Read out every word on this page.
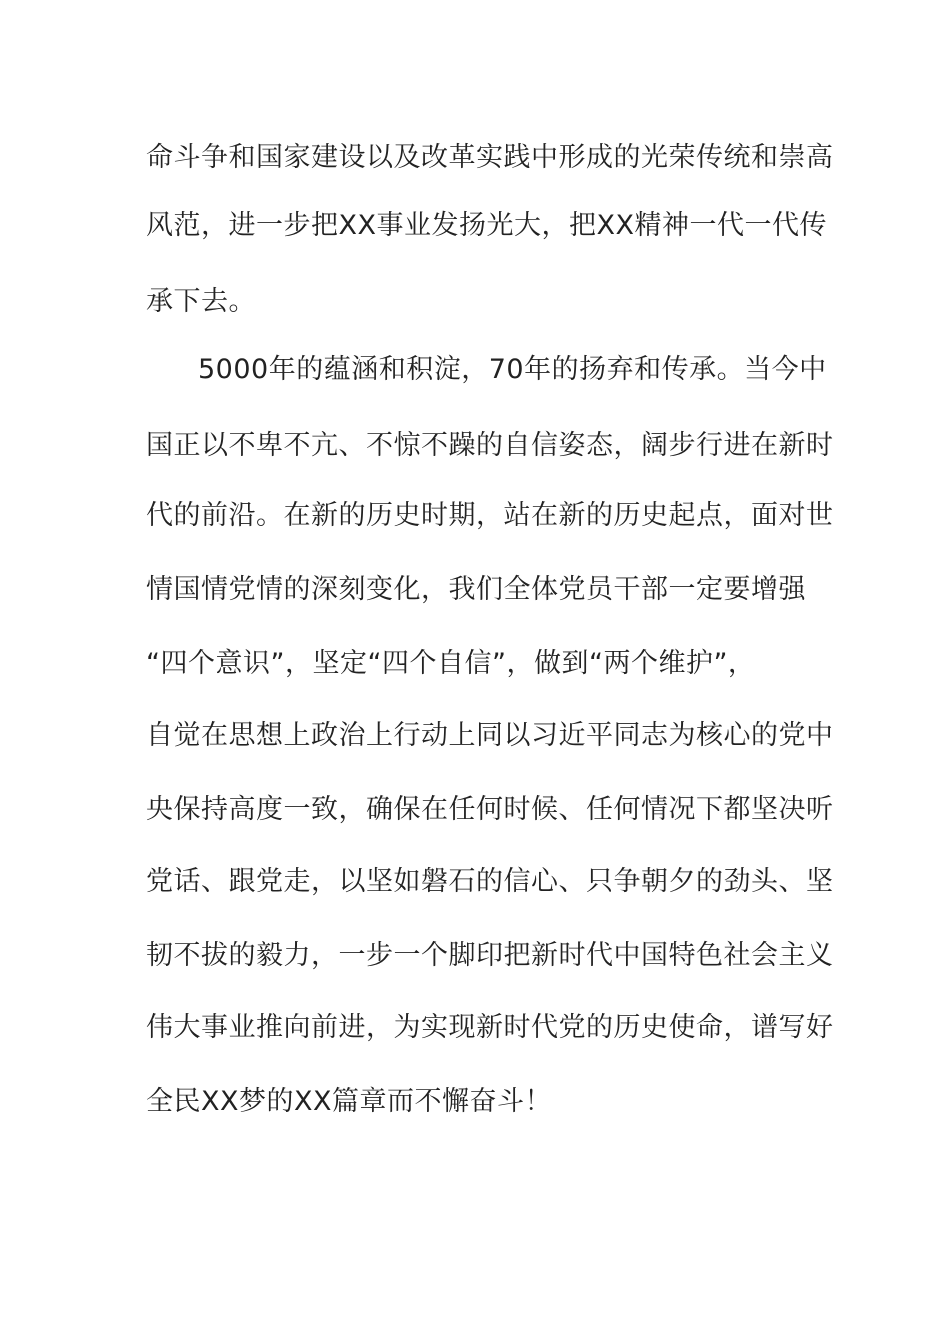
命斗争和国家建设以及改革实践中形成的光荣传统和崇高
风范，进一步把XX事业发扬光大，把XX精神一代一代传
承下去。
5000年的蕴涵和积淀，70年的扬弃和传承。当今中
国正以不卑不亢、不惊不躁的自信姿态，阔步行进在新时
代的前沿。在新的历史时期，站在新的历史起点，面对世
情国情党情的深刻变化，我们全体党员干部一定要增强
“四个意识”，坚定“四个自信”，做到“两个维护”，
自觉在思想上政治上行动上同以习近平同志为核心的党中
央保持高度一致，确保在任何时候、任何情况下都坚决听
党话、跟党走，以坚如磐石的信心、只争朝夕的劲头、坚
韧不拔的毅力，一步一个脚印把新时代中国特色社会主义
伟大事业推向前进，为实现新时代党的历史使命，谱写好
全民XX梦的XX篇章而不懈奋斗！
